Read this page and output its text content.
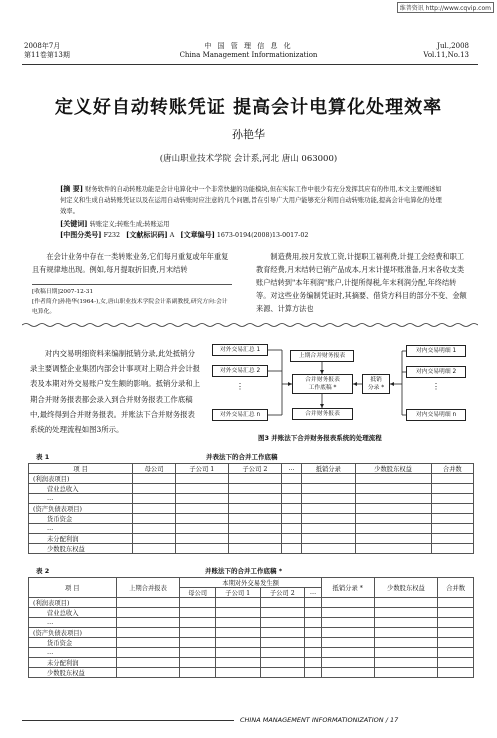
维普资讯 http://www.cqvip.com
2008年7月
第11卷第13期
中 国 管 理 信 息 化
China Management Informationization
Jul.,2008
Vol.11,No.13
定义好自动转账凭证 提高会计电算化处理效率
孙艳华
(唐山职业技术学院 会计系,河北 唐山 063000)
[摘 要] 财务软件的自动转账功能是会计电算化中一个非常快捷的功能模块,但在实际工作中很少有充分发挥其应有的作用,本文主要阐述如何定义和生成自动转账凭证以及在运用自动转账时应注意的几个问题,旨在引导广大用户能够充分利用自动转账功能,提高会计电算化的处理效率。
[关键词] 转账定义;转账生成;转账运用
[中图分类号] F232 [文献标识码] A [文章编号] 1673-0194(2008)13-0017-02

在会计业务中存在一类转账业务,它们每月重复或年年重复且有规律地出现。例如,每月提取折旧费,月末结转

[收稿日期]2007-12-31
[作者简介]孙艳华(1964-),女,唐山职业技术学院会计系副教授,研究方向:会计电算化。

制造费用,按月发放工资,计提职工福利费,计提工会经费和职工教育经费,月末结转已销产品成本,月末计提坏账准备,月末各收支类账户结转到"本年利润"账户,计提所得税,年末利润分配,年终结转等。对这些业务编制凭证时,其摘要、借贷方科目的部分不变、金额来源、计算方法也

对内交易明细资料来编制抵销分录,此处抵销分录主要调整企业集团内部会计事项对上期合并会计报表及本期对外交易账户发生额的影响。抵销分录和上期合并财务报表都会录入到合并财务报表工作底稿中,最终得到合并财务报表。并账法下合并财务报表系统的处理流程如图3所示。

对外交易汇总 1
对外交易汇总 2
⋮
对外交易汇总 n
上期合并财务报表
合并财务报表
工作底稿 *
抵销
分录 *
合并财务报表
对内交易明细 1
对内交易明细 2
⋮
对内交易明细 n
图3 并账法下合并财务报表系统的处理流程
表 1	并表法下的合并工作底稿
项 目	母公司	子公司 1	子公司 2	…	抵销分录	少数股东权益	合并数
(利润表项目)							
营业总收入							
…							
(资产负债表项目)							
货币资金							
…							
未分配利润							
少数股东权益							
表 2	并账法下的合并工作底稿 *
项 目	上期合并报表	本期对外交易发生额				抵销分录 *	少数股东权益	合并数
		母公司	子公司 1	子公司 2	…			
(利润表项目)								
营业总收入								
…								
(资产负债表项目)								
货币资金								
…								
未分配利润								
少数股东权益								
CHINA MANAGEMENT INFORMATIONIZATION / 17
